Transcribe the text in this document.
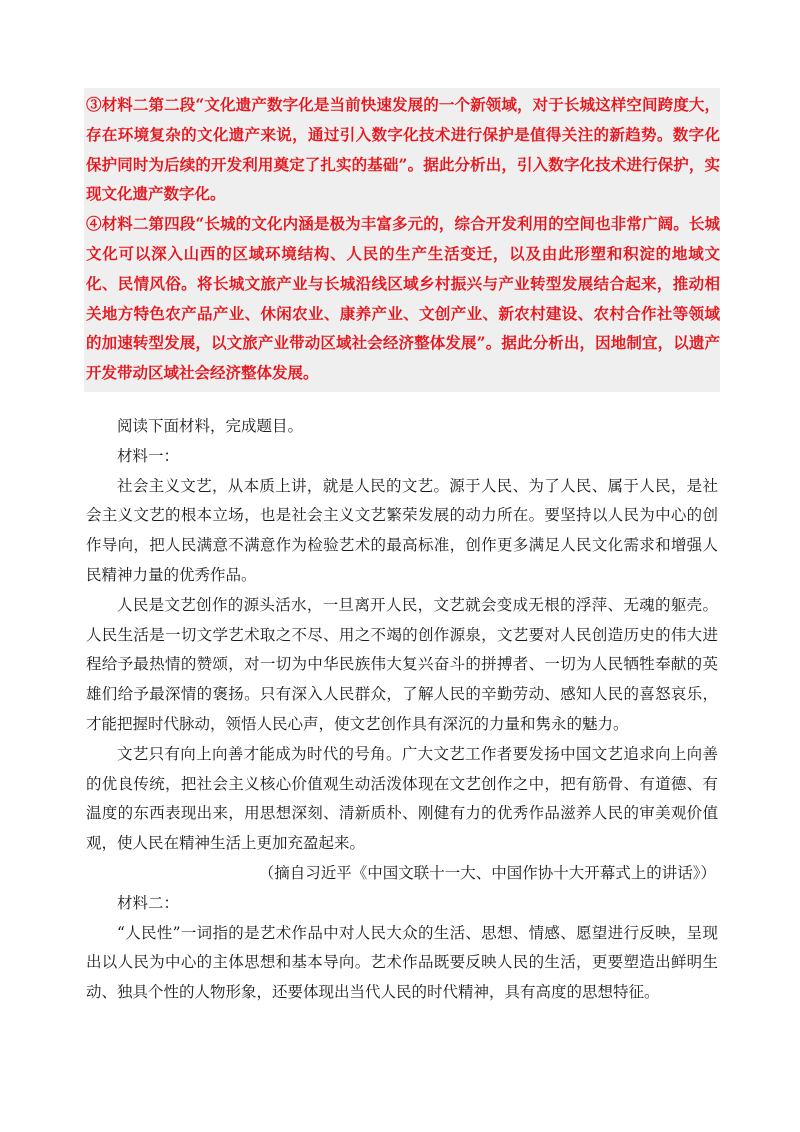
③材料二第二段“文化遗产数字化是当前快速发展的一个新领域，对于长城这样空间跨度大，存在环境复杂的文化遗产来说，通过引入数字化技术进行保护是值得关注的新趋势。数字化保护同时为后续的开发利用奠定了扎实的基础”。据此分析出，引入数字化技术进行保护，实现文化遗产数字化。

④材料二第四段“长城的文化内涵是极为丰富多元的，综合开发利用的空间也非常广阔。长城文化可以深入山西的区域环境结构、人民的生产生活变迁，以及由此形塑和积淀的地域文化、民情风俗。将长城文旅产业与长城沿线区域乡村振兴与产业转型发展结合起来，推动相关地方特色农产品产业、休闲农业、康养产业、文创产业、新农村建设、农村合作社等领域的加速转型发展，以文旅产业带动区域社会经济整体发展”。据此分析出，因地制宜，以遗产开发带动区域社会经济整体发展。

阅读下面材料，完成题目。

材料一：

社会主义文艺，从本质上讲，就是人民的文艺。源于人民、为了人民、属于人民，是社会主义文艺的根本立场，也是社会主义文艺繁荣发展的动力所在。要坚持以人民为中心的创作导向，把人民满意不满意作为检验艺术的最高标准，创作更多满足人民文化需求和增强人民精神力量的优秀作品。

人民是文艺创作的源头活水，一旦离开人民，文艺就会变成无根的浮萍、无魂的躯壳。人民生活是一切文学艺术取之不尽、用之不竭的创作源泉，文艺要对人民创造历史的伟大进程给予最热情的赞颂，对一切为中华民族伟大复兴奋斗的拼搏者、一切为人民牺牲奉献的英雄们给予最深情的褒扬。只有深入人民群众，了解人民的辛勤劳动、感知人民的喜怒哀乐，才能把握时代脉动，领悟人民心声，使文艺创作具有深沉的力量和隽永的魅力。

文艺只有向上向善才能成为时代的号角。广大文艺工作者要发扬中国文艺追求向上向善的优良传统，把社会主义核心价值观生动活泼体现在文艺创作之中，把有筋骨、有道德、有温度的东西表现出来，用思想深刻、清新质朴、刚健有力的优秀作品滋养人民的审美观价值观，使人民在精神生活上更加充盈起来。

（摘自习近平《中国文联十一大、中国作协十大开幕式上的讲话》）

材料二：

“人民性”一词指的是艺术作品中对人民大众的生活、思想、情感、愿望进行反映，呈现出以人民为中心的主体思想和基本导向。艺术作品既要反映人民的生活，更要塑造出鲜明生动、独具个性的人物形象，还要体现出当代人民的时代精神，具有高度的思想特征。
